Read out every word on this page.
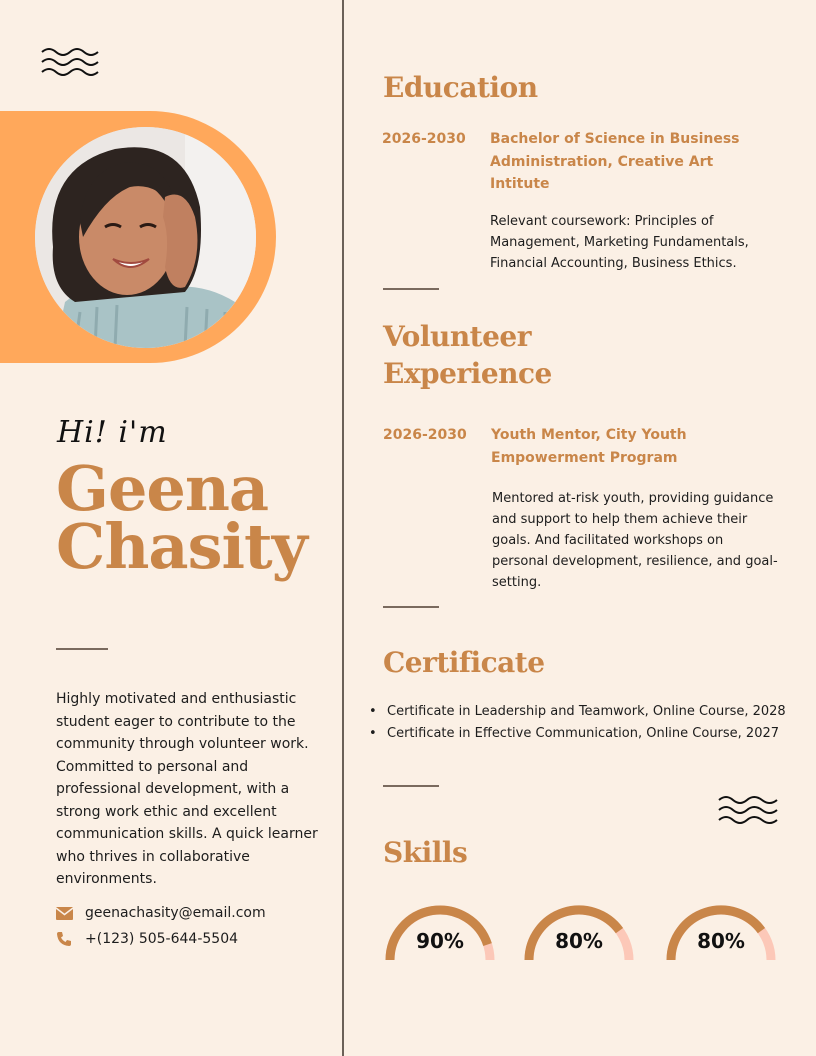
Hi! i'm
Geena
Chasity
Highly motivated and enthusiastic student eager to contribute to the community through volunteer work. Committed to personal and professional development, with a strong work ethic and excellent communication skills. A quick learner who thrives in collaborative environments.
geenachasity@email.com
+(123) 505-644-5504
Education
2026-2030 Bachelor of Science in Business
Administration, Creative Art
Intitute
Relevant coursework: Principles of
Management, Marketing Fundamentals,
Financial Accounting, Business Ethics.
Volunteer
Experience
2026-2030 Youth Mentor, City Youth
Empowerment Program
Mentored at-risk youth, providing guidance
and support to help them achieve their
goals. And facilitated workshops on
personal development, resilience, and goal-
setting.
Certificate
• Certificate in Leadership and Teamwork, Online Course, 2028
• Certificate in Effective Communication, Online Course, 2027
Skills
90%	80%	80%
